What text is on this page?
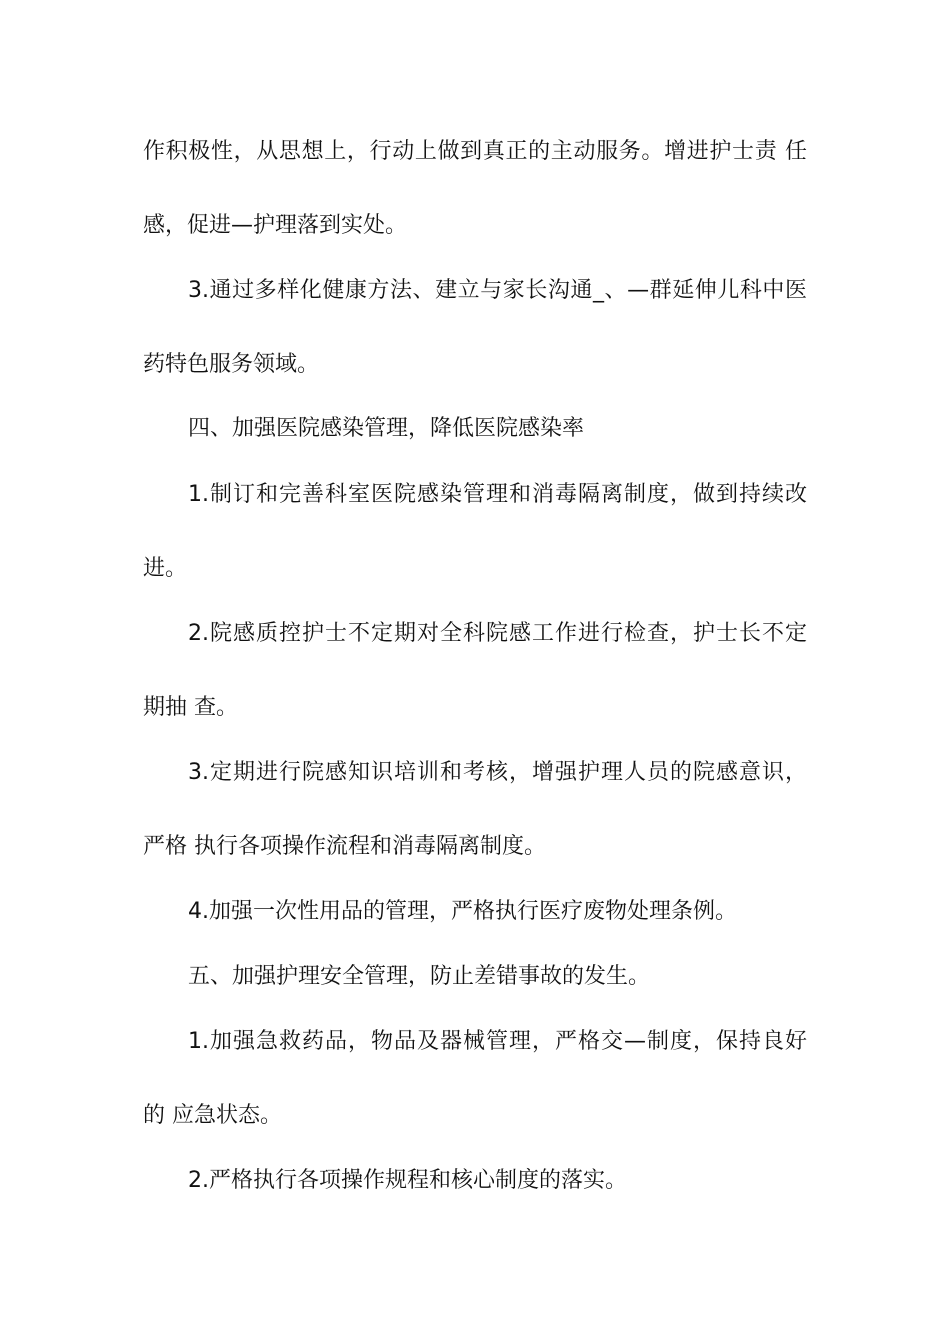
作积极性，从思想上，行动上做到真正的主动服务。增进护士责 任
感，促进—护理落到实处。
3.通过多样化健康方法、建立与家长沟通_、—群延伸儿科中医
药特色服务领域。
四、加强医院感染管理，降低医院感染率
1.制订和完善科室医院感染管理和消毒隔离制度，做到持续改
进。
2.院感质控护士不定期对全科院感工作进行检查，护士长不定
期抽 查。
3.定期进行院感知识培训和考核，增强护理人员的院感意识，
严格 执行各项操作流程和消毒隔离制度。
4.加强一次性用品的管理，严格执行医疗废物处理条例。
五、加强护理安全管理，防止差错事故的发生。
1.加强急救药品，物品及器械管理，严格交—制度，保持良好
的 应急状态。
2.严格执行各项操作规程和核心制度的落实。
